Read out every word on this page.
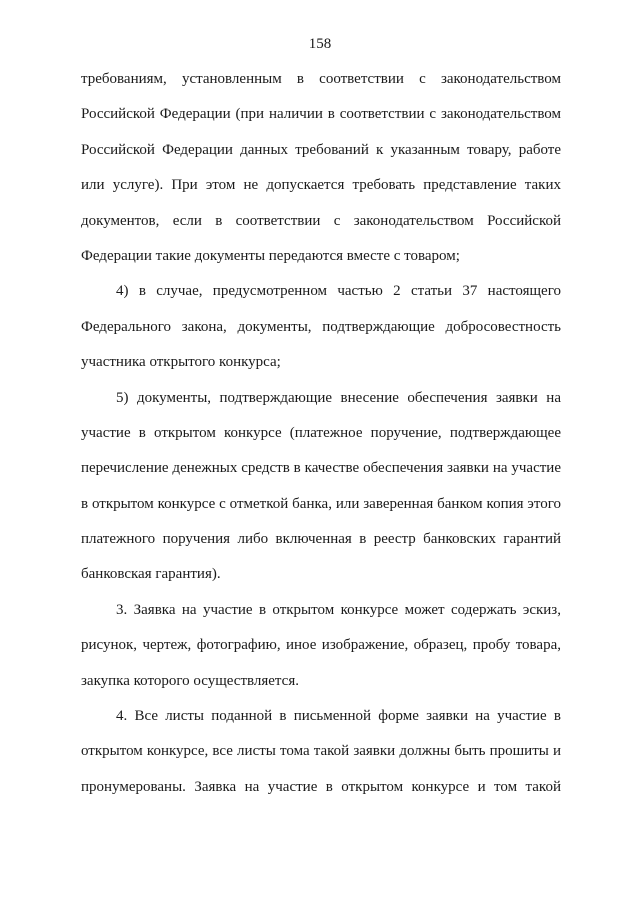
158
требованиям, установленным в соответствии с законодательством
Российской Федерации (при наличии в соответствии с законодательством
Российской Федерации данных требований к указанным товару, работе
или услуге). При этом не допускается требовать представление таких
документов, если в соответствии с законодательством Российской
Федерации такие документы передаются вместе с товаром;
4) в случае, предусмотренном частью 2 статьи 37 настоящего
Федерального закона, документы, подтверждающие добросовестность
участника открытого конкурса;
5) документы, подтверждающие внесение обеспечения заявки на
участие в открытом конкурсе (платежное поручение, подтверждающее
перечисление денежных средств в качестве обеспечения заявки на участие
в открытом конкурсе с отметкой банка, или заверенная банком копия этого
платежного поручения либо включенная в реестр банковских гарантий
банковская гарантия).
3. Заявка на участие в открытом конкурсе может содержать эскиз,
рисунок, чертеж, фотографию, иное изображение, образец, пробу товара,
закупка которого осуществляется.
4. Все листы поданной в письменной форме заявки на участие в
открытом конкурсе, все листы тома такой заявки должны быть прошиты и
пронумерованы. Заявка на участие в открытом конкурсе и том такой
